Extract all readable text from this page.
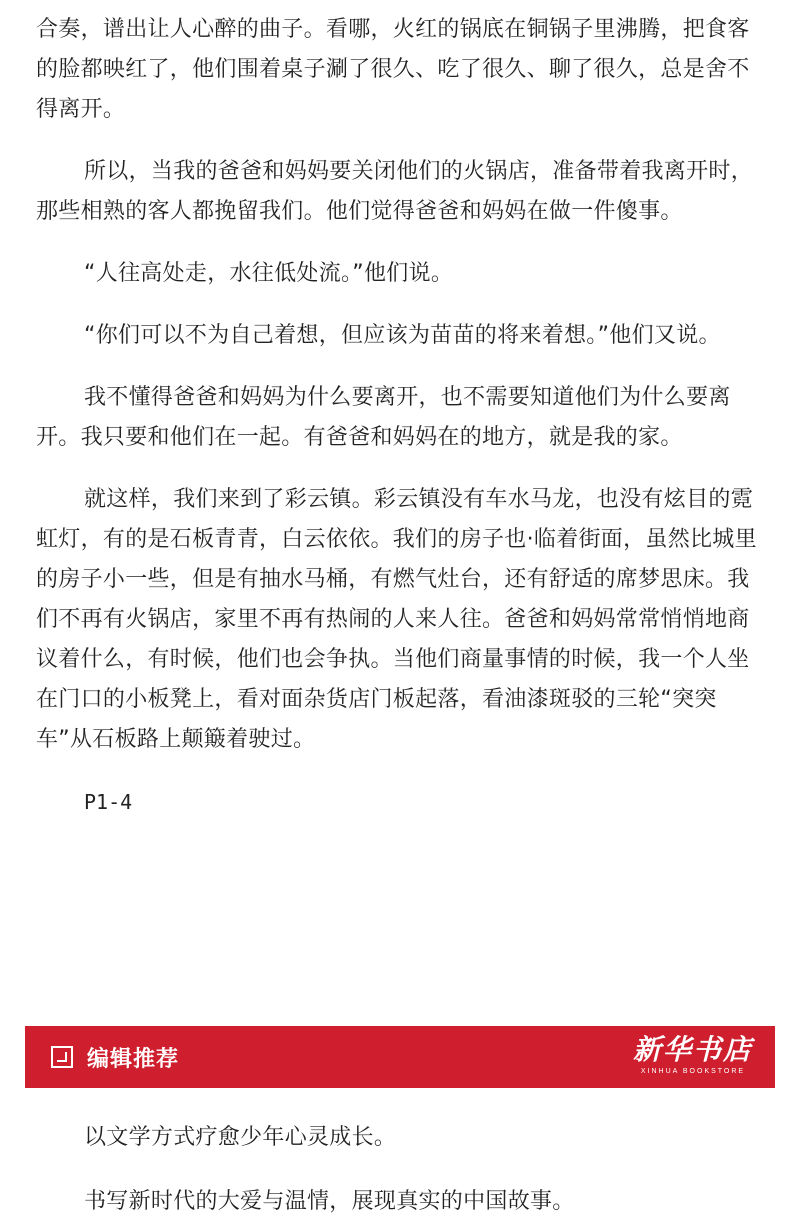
合奏，谱出让人心醉的曲子。看哪，火红的锅底在铜锅子里沸腾，把食客的脸都映红了，他们围着桌子涮了很久、吃了很久、聊了很久，总是舍不得离开。

所以，当我的爸爸和妈妈要关闭他们的火锅店，准备带着我离开时，那些相熟的客人都挽留我们。他们觉得爸爸和妈妈在做一件傻事。

“人往高处走，水往低处流。”他们说。

“你们可以不为自己着想，但应该为苗苗的将来着想。”他们又说。

我不懂得爸爸和妈妈为什么要离开，也不需要知道他们为什么要离开。我只要和他们在一起。有爸爸和妈妈在的地方，就是我的家。

就这样，我们来到了彩云镇。彩云镇没有车水马龙，也没有炫目的霓虹灯，有的是石板青青，白云依依。我们的房子也·临着街面，虽然比城里的房子小一些，但是有抽水马桶，有燃气灶台，还有舒适的席梦思床。我们不再有火锅店，家里不再有热闹的人来人往。爸爸和妈妈常常悄悄地商议着什么，有时候，他们也会争执。当他们商量事情的时候，我一个人坐在门口的小板凳上，看对面杂货店门板起落，看油漆斑驳的三轮“突突车”从石板路上颠簸着驶过。

P1-4

编辑推荐	新华书店
XINHUA BOOKSTORE

以文学方式疗愈少年心灵成长。

书写新时代的大爱与温情，展现真实的中国故事。
